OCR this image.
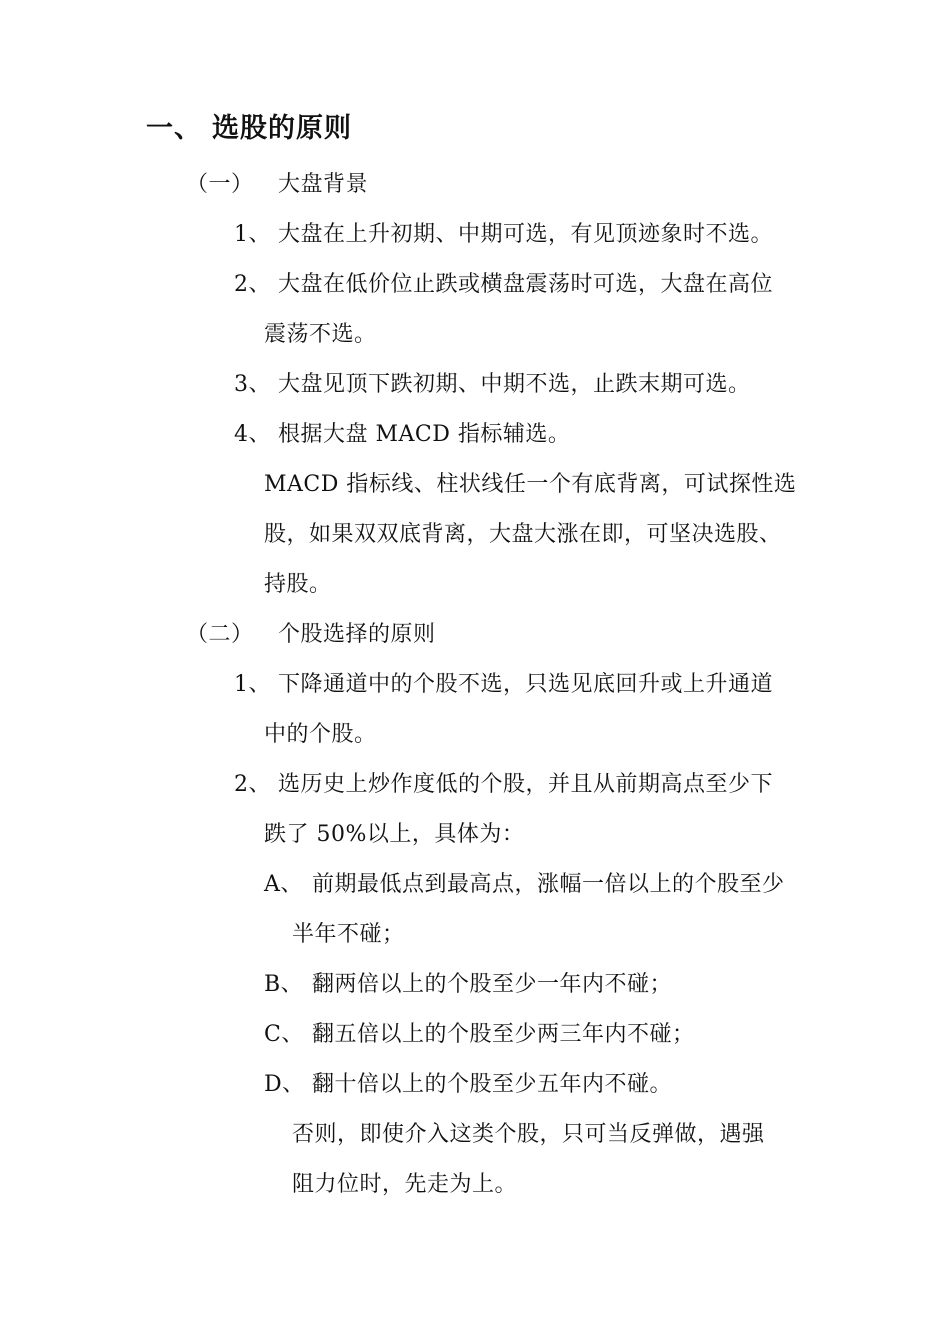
一、 选股的原则
（一） 大盘背景
1、 大盘在上升初期、中期可选，有见顶迹象时不选。
2、 大盘在低价位止跌或横盘震荡时可选，大盘在高位
震荡不选。
3、 大盘见顶下跌初期、中期不选，止跌末期可选。
4、 根据大盘 MACD 指标辅选。
MACD 指标线、柱状线任一个有底背离，可试探性选
股，如果双双底背离，大盘大涨在即，可坚决选股、
持股。
（二） 个股选择的原则
1、 下降通道中的个股不选，只选见底回升或上升通道
中的个股。
2、 选历史上炒作度低的个股，并且从前期高点至少下
跌了 50%以上，具体为：
A、 前期最低点到最高点，涨幅一倍以上的个股至少
半年不碰；
B、 翻两倍以上的个股至少一年内不碰；
C、 翻五倍以上的个股至少两三年内不碰；
D、 翻十倍以上的个股至少五年内不碰。
否则，即使介入这类个股，只可当反弹做，遇强
阻力位时，先走为上。
